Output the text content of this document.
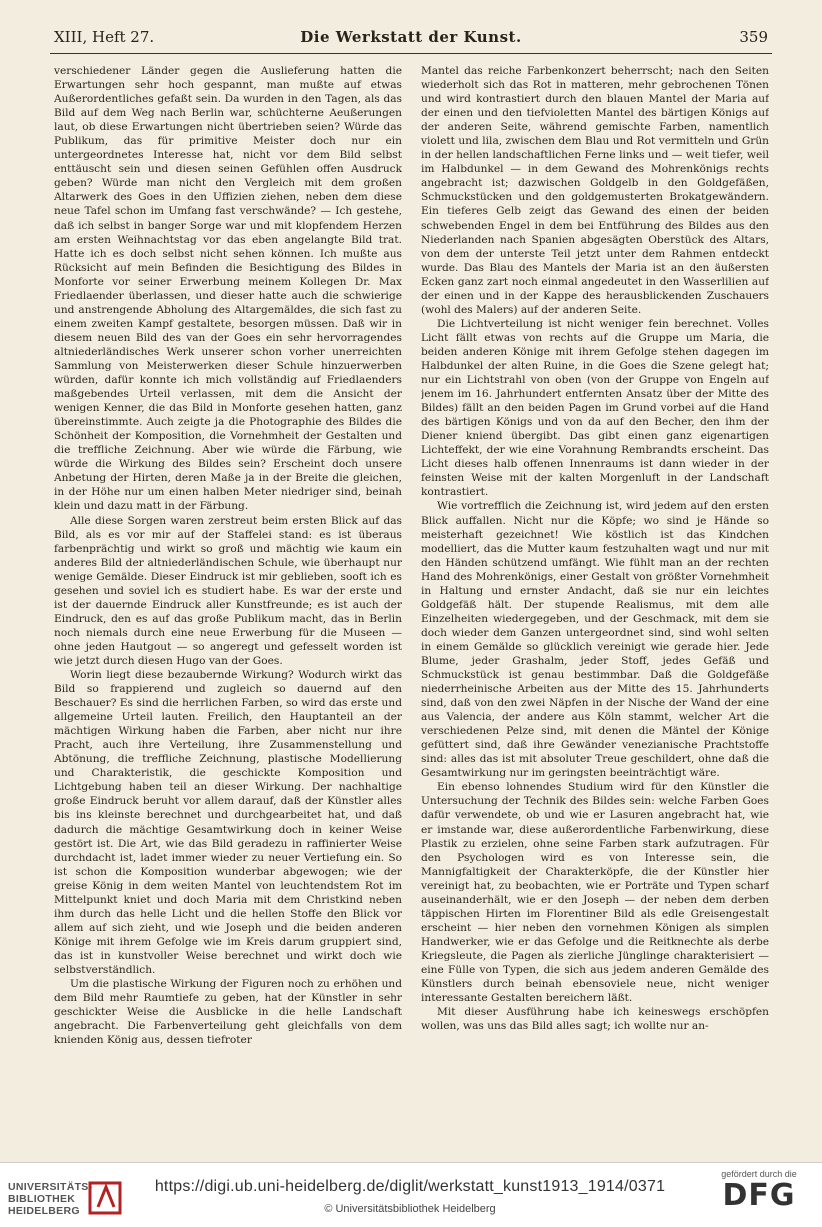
XIII, Heft 27.	Die Werkstatt der Kunst.	359

verschiedener Länder gegen die Auslieferung hatten die Erwartungen sehr hoch gespannt, man mußte auf etwas Außerordentliches gefaßt sein. Da wurden in den Tagen, als das Bild auf dem Weg nach Berlin war, schüchterne Aeußerungen laut, ob diese Erwartungen nicht übertrieben seien? Würde das Publikum, das für primitive Meister doch nur ein untergeordnetes Interesse hat, nicht vor dem Bild selbst enttäuscht sein und diesen seinen Gefühlen offen Ausdruck geben? Würde man nicht den Vergleich mit dem großen Altarwerk des Goes in den Uffizien ziehen, neben dem diese neue Tafel schon im Umfang fast verschwände? — Ich gestehe, daß ich selbst in banger Sorge war und mit klopfendem Herzen am ersten Weihnachtstag vor das eben angelangte Bild trat. Hatte ich es doch selbst nicht sehen können. Ich mußte aus Rücksicht auf mein Befinden die Besichtigung des Bildes in Monforte vor seiner Erwerbung meinem Kollegen Dr. Max Friedlaender überlassen, und dieser hatte auch die schwierige und anstrengende Abholung des Altargemäldes, die sich fast zu einem zweiten Kampf gestaltete, besorgen müssen. Daß wir in diesem neuen Bild des van der Goes ein sehr hervorragendes altniederländisches Werk unserer schon vorher unerreichten Sammlung von Meisterwerken dieser Schule hinzuerwerben würden, dafür konnte ich mich vollständig auf Friedlaenders maßgebendes Urteil verlassen, mit dem die Ansicht der wenigen Kenner, die das Bild in Monforte gesehen hatten, ganz übereinstimmte. Auch zeigte ja die Photographie des Bildes die Schönheit der Komposition, die Vornehmheit der Gestalten und die treffliche Zeichnung. Aber wie würde die Färbung, wie würde die Wirkung des Bildes sein? Erscheint doch unsere Anbetung der Hirten, deren Maße ja in der Breite die gleichen, in der Höhe nur um einen halben Meter niedriger sind, beinah klein und dazu matt in der Färbung.

Alle diese Sorgen waren zerstreut beim ersten Blick auf das Bild, als es vor mir auf der Staffelei stand: es ist überaus farbenprächtig und wirkt so groß und mächtig wie kaum ein anderes Bild der altniederländischen Schule, wie überhaupt nur wenige Gemälde. Dieser Eindruck ist mir geblieben, sooft ich es gesehen und soviel ich es studiert habe. Es war der erste und ist der dauernde Eindruck aller Kunstfreunde; es ist auch der Eindruck, den es auf das große Publikum macht, das in Berlin noch niemals durch eine neue Erwerbung für die Museen — ohne jeden Hautgout — so angeregt und gefesselt worden ist wie jetzt durch diesen Hugo van der Goes.

Worin liegt diese bezaubernde Wirkung? Wodurch wirkt das Bild so frappierend und zugleich so dauernd auf den Beschauer? Es sind die herrlichen Farben, so wird das erste und allgemeine Urteil lauten. Freilich, den Hauptanteil an der mächtigen Wirkung haben die Farben, aber nicht nur ihre Pracht, auch ihre Verteilung, ihre Zusammenstellung und Abtönung, die treffliche Zeichnung, plastische Modellierung und Charakteristik, die geschickte Komposition und Lichtgebung haben teil an dieser Wirkung. Der nachhaltige große Eindruck beruht vor allem darauf, daß der Künstler alles bis ins kleinste berechnet und durchgearbeitet hat, und daß dadurch die mächtige Gesamtwirkung doch in keiner Weise gestört ist. Die Art, wie das Bild geradezu in raffinierter Weise durchdacht ist, ladet immer wieder zu neuer Vertiefung ein. So ist schon die Komposition wunderbar abgewogen; wie der greise König in dem weiten Mantel von leuchtendstem Rot im Mittelpunkt kniet und doch Maria mit dem Christkind neben ihm durch das helle Licht und die hellen Stoffe den Blick vor allem auf sich zieht, und wie Joseph und die beiden anderen Könige mit ihrem Gefolge wie im Kreis darum gruppiert sind, das ist in kunstvoller Weise berechnet und wirkt doch wie selbstverständlich.

Um die plastische Wirkung der Figuren noch zu erhöhen und dem Bild mehr Raumtiefe zu geben, hat der Künstler in sehr geschickter Weise die Ausblicke in die helle Landschaft angebracht. Die Farbenverteilung geht gleichfalls von dem knienden König aus, dessen tiefroter

Mantel das reiche Farbenkonzert beherrscht; nach den Seiten wiederholt sich das Rot in matteren, mehr gebrochenen Tönen und wird kontrastiert durch den blauen Mantel der Maria auf der einen und den tiefvioletten Mantel des bärtigen Königs auf der anderen Seite, während gemischte Farben, namentlich violett und lila, zwischen dem Blau und Rot vermitteln und Grün in der hellen landschaftlichen Ferne links und — weit tiefer, weil im Halbdunkel — in dem Gewand des Mohrenkönigs rechts angebracht ist; dazwischen Goldgelb in den Goldgefäßen, Schmuckstücken und den goldgemusterten Brokatgewändern. Ein tieferes Gelb zeigt das Gewand des einen der beiden schwebenden Engel in dem bei Entführung des Bildes aus den Niederlanden nach Spanien abgesägten Oberstück des Altars, von dem der unterste Teil jetzt unter dem Rahmen entdeckt wurde. Das Blau des Mantels der Maria ist an den äußersten Ecken ganz zart noch einmal angedeutet in den Wasserlilien auf der einen und in der Kappe des herausblickenden Zuschauers (wohl des Malers) auf der anderen Seite.

Die Lichtverteilung ist nicht weniger fein berechnet. Volles Licht fällt etwas von rechts auf die Gruppe um Maria, die beiden anderen Könige mit ihrem Gefolge stehen dagegen im Halbdunkel der alten Ruine, in die Goes die Szene gelegt hat; nur ein Lichtstrahl von oben (von der Gruppe von Engeln auf jenem im 16. Jahrhundert entfernten Ansatz über der Mitte des Bildes) fällt an den beiden Pagen im Grund vorbei auf die Hand des bärtigen Königs und von da auf den Becher, den ihm der Diener kniend übergibt. Das gibt einen ganz eigenartigen Lichteffekt, der wie eine Vorahnung Rembrandts erscheint. Das Licht dieses halb offenen Innenraums ist dann wieder in der feinsten Weise mit der kalten Morgenluft in der Landschaft kontrastiert.

Wie vortrefflich die Zeichnung ist, wird jedem auf den ersten Blick auffallen. Nicht nur die Köpfe; wo sind je Hände so meisterhaft gezeichnet! Wie köstlich ist das Kindchen modelliert, das die Mutter kaum festzuhalten wagt und nur mit den Händen schützend umfängt. Wie fühlt man an der rechten Hand des Mohrenkönigs, einer Gestalt von größter Vornehmheit in Haltung und ernster Andacht, daß sie nur ein leichtes Goldgefäß hält. Der stupende Realismus, mit dem alle Einzelheiten wiedergegeben, und der Geschmack, mit dem sie doch wieder dem Ganzen untergeordnet sind, sind wohl selten in einem Gemälde so glücklich vereinigt wie gerade hier. Jede Blume, jeder Grashalm, jeder Stoff, jedes Gefäß und Schmuckstück ist genau bestimmbar. Daß die Goldgefäße niederrheinische Arbeiten aus der Mitte des 15. Jahrhunderts sind, daß von den zwei Näpfen in der Nische der Wand der eine aus Valencia, der andere aus Köln stammt, welcher Art die verschiedenen Pelze sind, mit denen die Mäntel der Könige gefüttert sind, daß ihre Gewänder venezianische Prachtstoffe sind: alles das ist mit absoluter Treue geschildert, ohne daß die Gesamtwirkung nur im geringsten beeinträchtigt wäre.

Ein ebenso lohnendes Studium wird für den Künstler die Untersuchung der Technik des Bildes sein: welche Farben Goes dafür verwendete, ob und wie er Lasuren angebracht hat, wie er imstande war, diese außerordentliche Farbenwirkung, diese Plastik zu erzielen, ohne seine Farben stark aufzutragen. Für den Psychologen wird es von Interesse sein, die Mannigfaltigkeit der Charakterköpfe, die der Künstler hier vereinigt hat, zu beobachten, wie er Porträte und Typen scharf auseinanderhält, wie er den Joseph — der neben dem derben täppischen Hirten im Florentiner Bild als edle Greisengestalt erscheint — hier neben den vornehmen Königen als simplen Handwerker, wie er das Gefolge und die Reitknechte als derbe Kriegsleute, die Pagen als zierliche Jünglinge charakterisiert — eine Fülle von Typen, die sich aus jedem anderen Gemälde des Künstlers durch beinah ebensoviele neue, nicht weniger interessante Gestalten bereichern läßt.

Mit dieser Ausführung habe ich keineswegs erschöpfen wollen, was uns das Bild alles sagt; ich wollte nur an-

UNIVERSITÄTS-
BIBLIOTHEK
HEIDELBERG
https://digi.ub.uni-heidelberg.de/diglit/werkstatt_kunst1913_1914/0371
© Universitätsbibliothek Heidelberg
gefördert durch die
DFG
